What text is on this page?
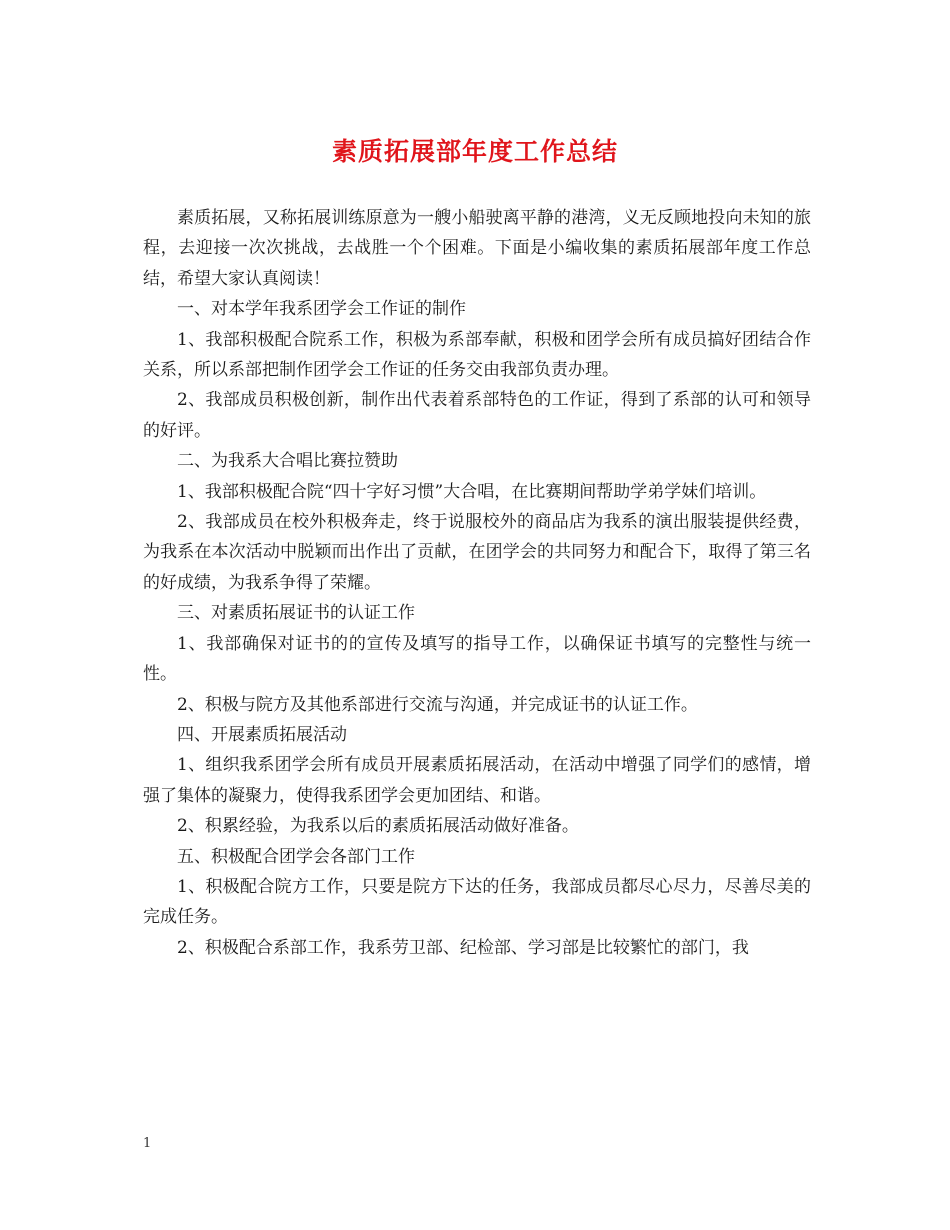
素质拓展部年度工作总结

素质拓展，又称拓展训练原意为一艘小船驶离平静的港湾，义无反顾地投向未知的旅程，去迎接一次次挑战，去战胜一个个困难。下面是小编收集的素质拓展部年度工作总结，希望大家认真阅读！

一、对本学年我系团学会工作证的制作

1、我部积极配合院系工作，积极为系部奉献，积极和团学会所有成员搞好团结合作关系，所以系部把制作团学会工作证的任务交由我部负责办理。

2、我部成员积极创新，制作出代表着系部特色的工作证，得到了系部的认可和领导的好评。

二、为我系大合唱比赛拉赞助

1、我部积极配合院“四十字好习惯”大合唱，在比赛期间帮助学弟学妹们培训。

2、我部成员在校外积极奔走，终于说服校外的商品店为我系的演出服装提供经费，为我系在本次活动中脱颖而出作出了贡献，在团学会的共同努力和配合下，取得了第三名的好成绩，为我系争得了荣耀。

三、对素质拓展证书的认证工作

1、我部确保对证书的的宣传及填写的指导工作，以确保证书填写的完整性与统一性。

2、积极与院方及其他系部进行交流与沟通，并完成证书的认证工作。

四、开展素质拓展活动

1、组织我系团学会所有成员开展素质拓展活动，在活动中增强了同学们的感情，增强了集体的凝聚力，使得我系团学会更加团结、和谐。

2、积累经验，为我系以后的素质拓展活动做好准备。

五、积极配合团学会各部门工作

1、积极配合院方工作，只要是院方下达的任务，我部成员都尽心尽力，尽善尽美的完成任务。

2、积极配合系部工作，我系劳卫部、纪检部、学习部是比较繁忙的部门，我

1
